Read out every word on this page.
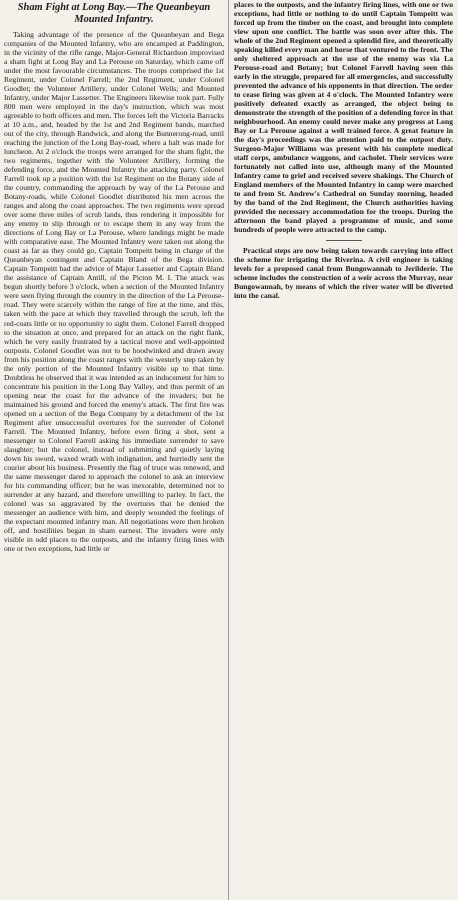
Sham Fight at Long Bay.—The Queanbeyan Mounted Infantry.

Taking advantage of the presence of the Queanbeyan and Bega companies of the Mounted Infantry, who are encamped at Paddington, in the vicinity of the rifle range, Major-General Richardson improvised a sham fight at Long Bay and La Perouse on Saturday, which came off under the most favourable circumstances. The troops comprised the 1st Regiment, under Colonel Farrell; the 2nd Regiment, under Colonel Goodlet; the Volunteer Artillery, under Colonel Wells; and Mounted Infantry, under Major Lassetter. The Engineers likewise took part. Fully 800 men were employed in the day's instruction, which was most agreeable to both officers and men. The forces left the Victoria Barracks at 10 a.m., and, headed by the 1st and 2nd Regiment bands, marched out of the city, through Randwick, and along the Bunnerong-road, until reaching the junction of the Long Bay-road, where a halt was made for luncheon. At 2 o'clock the troops were arranged for the sham fight, the two regiments, together with the Volunteer Artillery, forming the defending force, and the Mounted Infantry the attacking party. Colonel Farrell took up a position with the 1st Regiment on the Botany side of the country, commanding the approach by way of the La Perouse and Botany-roads, while Colonel Goodlet distributed his men across the ranges and along the coast approaches. The two regiments were spread over some three miles of scrub lands, thus rendering it impossible for any enemy to slip through or to escape them in any way from the directions of Long Bay or La Perouse, where landings might be made with comparative ease. The Mounted Infantry were taken out along the coast as far as they could go, Captain Tompeitt being in charge of the Queanbeyan contingent and Captain Bland of the Bega division. Captain Tompeitt had the advice of Major Lassetter and Captain Bland the assistance of Captain Antill, of the Picton M. I. The attack was begun shortly before 3 o'clock, when a section of the Mounted Infantry were seen flying through the country in the direction of the La Perouse-road. They were scarcely within the range of fire at the time, and this, taken with the pace at which they travelled through the scrub, left the red-coats little or no opportunity to sight them. Colonel Farrell dropped to the situation at once, and prepared for an attack on the right flank, which he very easily frustrated by a tactical move and well-appointed outposts. Colonel Goodlet was not to be hoodwinked and drawn away from his position along the coast ranges with the westerly step taken by the only portion of the Mounted Infantry visible up to that time. Doubtless he observed that it was intended as an inducement for him to concentrate his position in the Long Bay Valley, and thus permit of an opening near the coast for the advance of the invaders; but he maintained his ground and forced the enemy's attack. The first fire was opened on a section of the Bega Company by a detachment of the 1st Regiment after unsuccessful overtures for the surrender of Colonel Farrell. The Mounted Infantry, before even firing a shot, sent a messenger to Colonel Farrell asking his immediate surrender to save slaughter; but the colonel, instead of submitting and quietly laying down his sword, waxed wrath with indignation, and hurriedly sent the courier about his business. Presently the flag of truce was renewed, and the same messenger dared to approach the colonel to ask an interview for his commanding officer; but he was inexorable, determined not to surrender at any hazard, and therefore unwilling to parley. In fact, the colonel was so aggravated by the overtures that he denied the messenger an audience with him, and deeply wounded the feelings of the expectant mounted infantry man. All negotiations were then broken off, and hostilities began in sham earnest. The invaders were only visible in odd places to the outposts, and the infantry firing lines with one or two exceptions, had little or

places to the outposts, and the infantry firing lines, with one or two exceptions, had little or nothing to do until Captain Tompeitt was forced up from the timber on the coast, and brought into complete view upon one conflict. The battle was soon over after this. The whole of the 2nd Regiment opened a splendid fire, and theoretically speaking killed every man and horse that ventured to the front. The only sheltered approach at the use of the enemy was via La Perouse-road and Botany; but Colonel Farrell having seen this early in the struggle, prepared for all emergencies, and successfully prevented the advance of his opponents in that direction. The order to cease firing was given at 4 o'clock. The Mounted Infantry were positively defeated exactly as arranged, the object being to demonstrate the strength of the position of a defending force in that neighbourhood. An enemy could never make any progress at Long Bay or La Perouse against a well trained force. A great feature in the day's proceedings was the attention paid to the outpost duty. Surgeon-Major Williams was present with his complete medical staff corps, ambulance waggons, and cacholet. Their services were fortunately not called into use, although many of the Mounted Infantry came to grief and received severe shakings. The Church of England members of the Mounted Infantry in camp were marched to and from St. Andrew's Cathedral on Sunday morning, headed by the band of the 2nd Regiment, the Church authorities having provided the necessary accommodation for the troops. During the afternoon the band played a programme of music, and some hundreds of people were attracted to the camp.

Practical steps are now being taken towards carrying into effect the scheme for irrigating the Riverina. A civil engineer is taking levels for a proposed canal from Bungowannah to Jerilderie. The scheme includes the construction of a weir across the Murray, near Bungowannah, by means of which the river water will be diverted into the canal.
